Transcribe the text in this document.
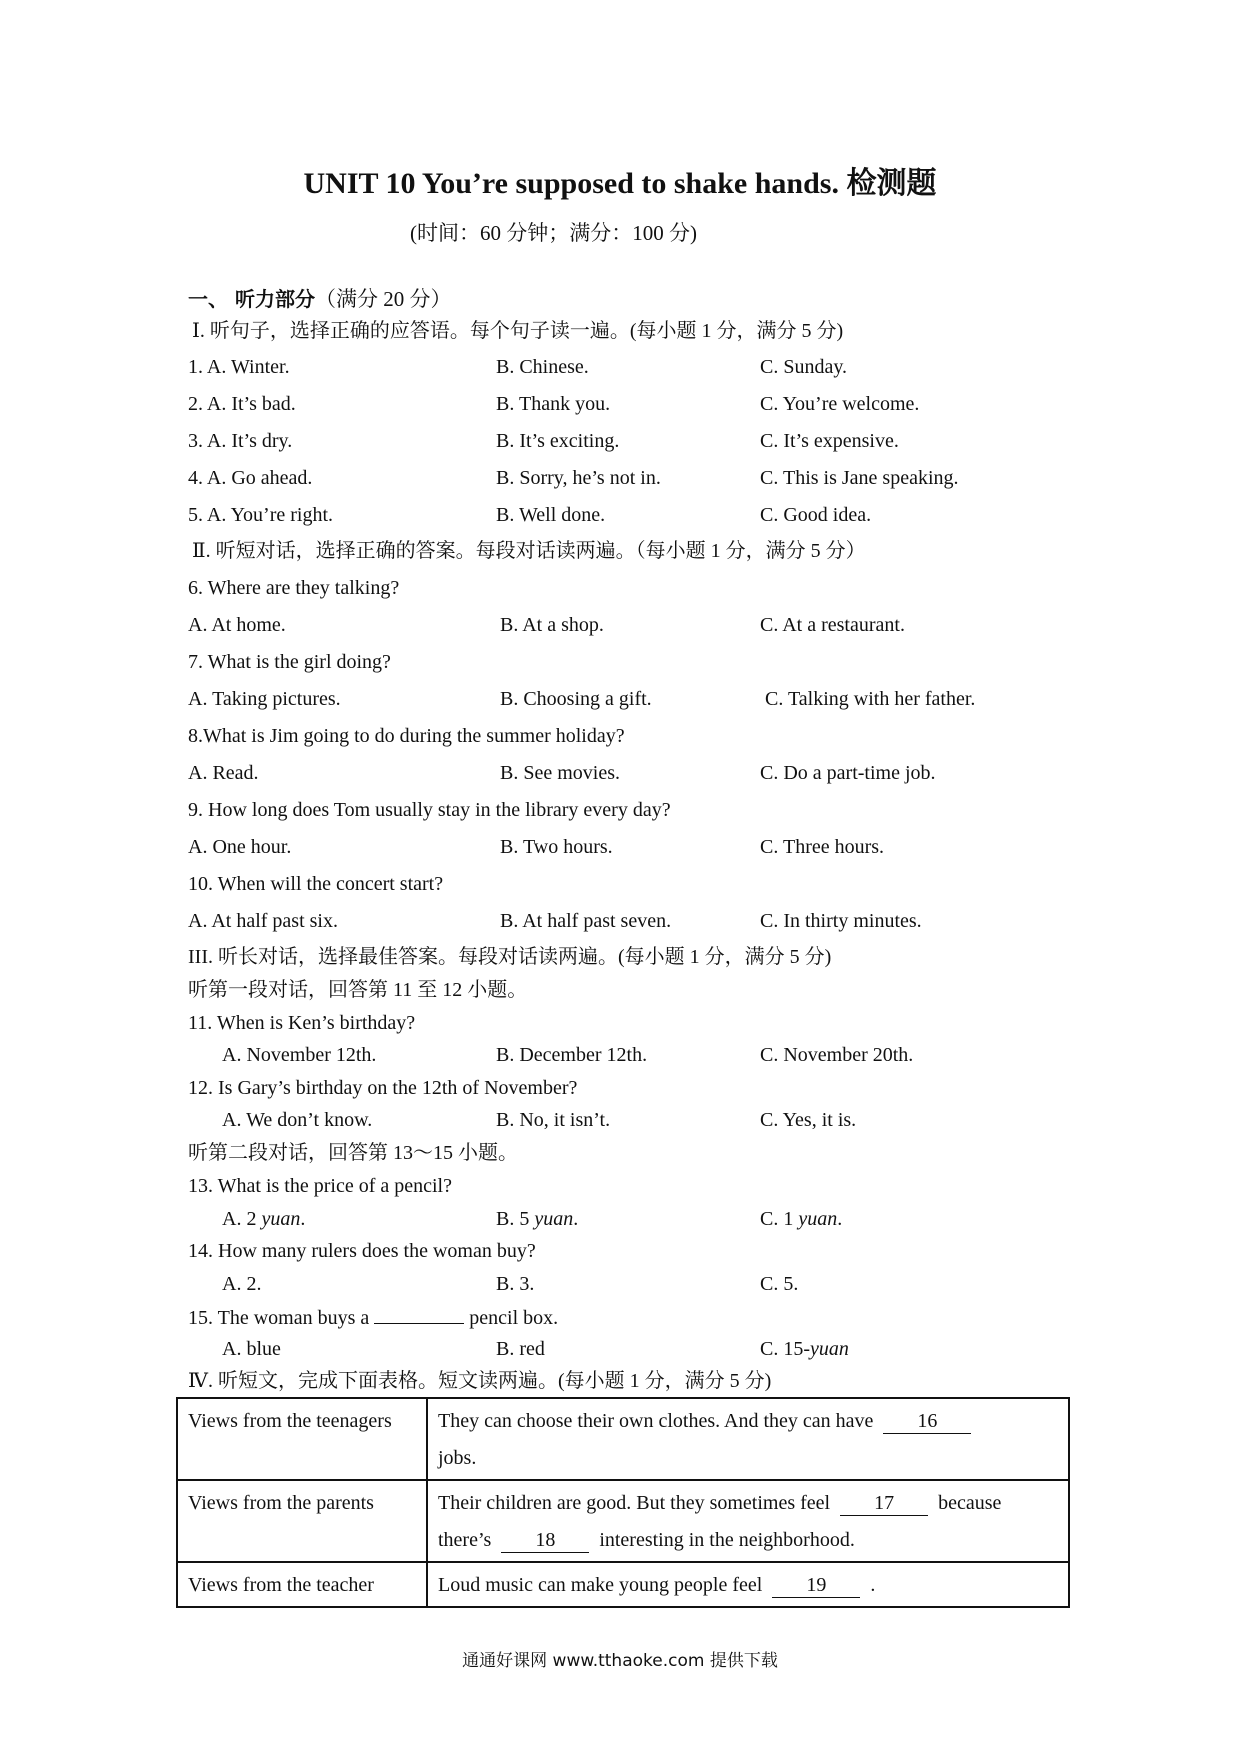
UNIT 10 You’re supposed to shake hands. 检测题
(时间：60 分钟；满分：100 分)
一、 听力部分（满分 20 分）
Ⅰ. 听句子，选择正确的应答语。每个句子读一遍。(每小题 1 分，满分 5 分)
1. A. Winter.	B. Chinese.	C. Sunday.
2. A. It’s bad.	B. Thank you.	C. You’re welcome.
3. A. It’s dry.	B. It’s exciting.	C. It’s expensive.
4. A. Go ahead.	B. Sorry, he’s not in.	C. This is Jane speaking.
5. A. You’re right.	B. Well done.	C. Good idea.
Ⅱ. 听短对话，选择正确的答案。每段对话读两遍。（每小题 1 分，满分 5 分）
6. Where are they talking?
A. At home.	B. At a shop.	C. At a restaurant.
7. What is the girl doing?
A. Taking pictures.	B. Choosing a gift.	C. Talking with her father.
8.What is Jim going to do during the summer holiday?
A. Read.	B. See movies.	C. Do a part-time job.
9. How long does Tom usually stay in the library every day?
A. One hour.	B. Two hours.	C. Three hours.
10. When will the concert start?
A. At half past six.	B. At half past seven.	C. In thirty minutes.
III. 听长对话，选择最佳答案。每段对话读两遍。(每小题 1 分，满分 5 分)
听第一段对话，回答第 11 至 12 小题。
11. When is Ken’s birthday?
A. November 12th.	B. December 12th.	C. November 20th.
12. Is Gary’s birthday on the 12th of November?
A. We don’t know.	B. No, it isn’t.	C. Yes, it is.
听第二段对话，回答第 13～15 小题。
13. What is the price of a pencil?
A. 2 yuan.	B. 5 yuan.	C. 1 yuan.
14. How many rulers does the woman buy?
A. 2.	B. 3.	C. 5.
15. The woman buys a	pencil box.
A. blue	B. red	C. 15-yuan
Ⅳ. 听短文，完成下面表格。短文读两遍。(每小题 1 分，满分 5 分)
Views from the teenagers	They can choose their own clothes. And they can have 16
jobs.
Views from the parents	Their children are good. But they sometimes feel 17 because there’s 18 interesting in the neighborhood.
Views from the teacher	Loud music can make young people feel 19 .
通通好课网 www.tthaoke.com 提供下载
